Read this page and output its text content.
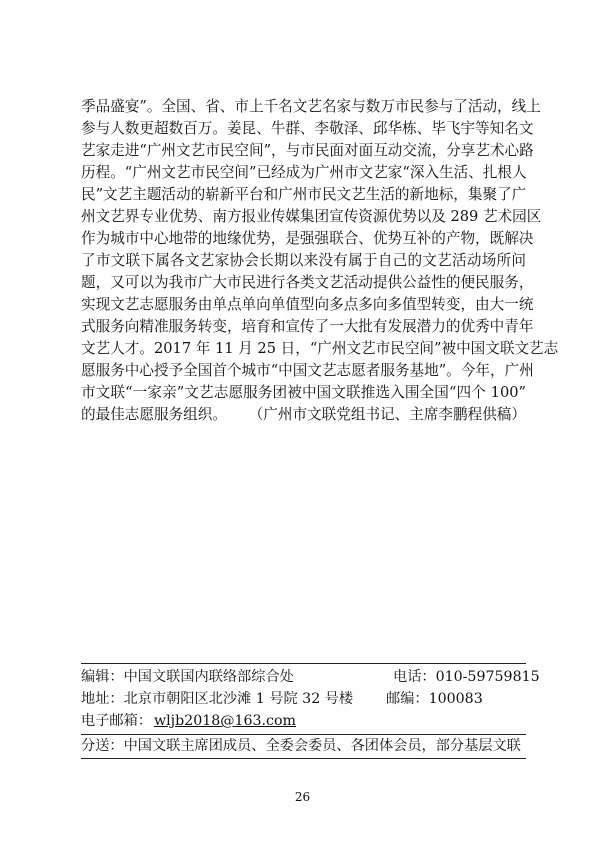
季品盛宴”。全国、省、市上千名文艺名家与数万市民参与了活动，线上
参与人数更超数百万。姜昆、牛群、李敬泽、邱华栋、毕飞宇等知名文
艺家走进“广州文艺市民空间”，与市民面对面互动交流，分享艺术心路
历程。“广州文艺市民空间”已经成为广州市文艺家“深入生活、扎根人
民”文艺主题活动的崭新平台和广州市民文艺生活的新地标，集聚了广
州文艺界专业优势、南方报业传媒集团宣传资源优势以及 289 艺术园区
作为城市中心地带的地缘优势，是强强联合、优势互补的产物，既解决
了市文联下属各文艺家协会长期以来没有属于自己的文艺活动场所问
题，又可以为我市广大市民进行各类文艺活动提供公益性的便民服务，
实现文艺志愿服务由单点单向单值型向多点多向多值型转变，由大一统
式服务向精准服务转变，培育和宣传了一大批有发展潜力的优秀中青年
文艺人才。2017 年 11 月 25 日，“广州文艺市民空间”被中国文联文艺志
愿服务中心授予全国首个城市“中国文艺志愿者服务基地”。今年，广州
市文联“一家亲”文艺志愿服务团被中国文联推选入围全国“四个 100”
的最佳志愿服务组织。 （广州市文联党组书记、主席李鹏程供稿）
编辑：中国文联国内联络部综合处	电话：010-59759815
地址：北京市朝阳区北沙滩 1 号院 32 号楼 邮编：100083
电子邮箱： wljb2018@163.com
分送：中国文联主席团成员、全委会委员、各团体会员，部分基层文联
26
